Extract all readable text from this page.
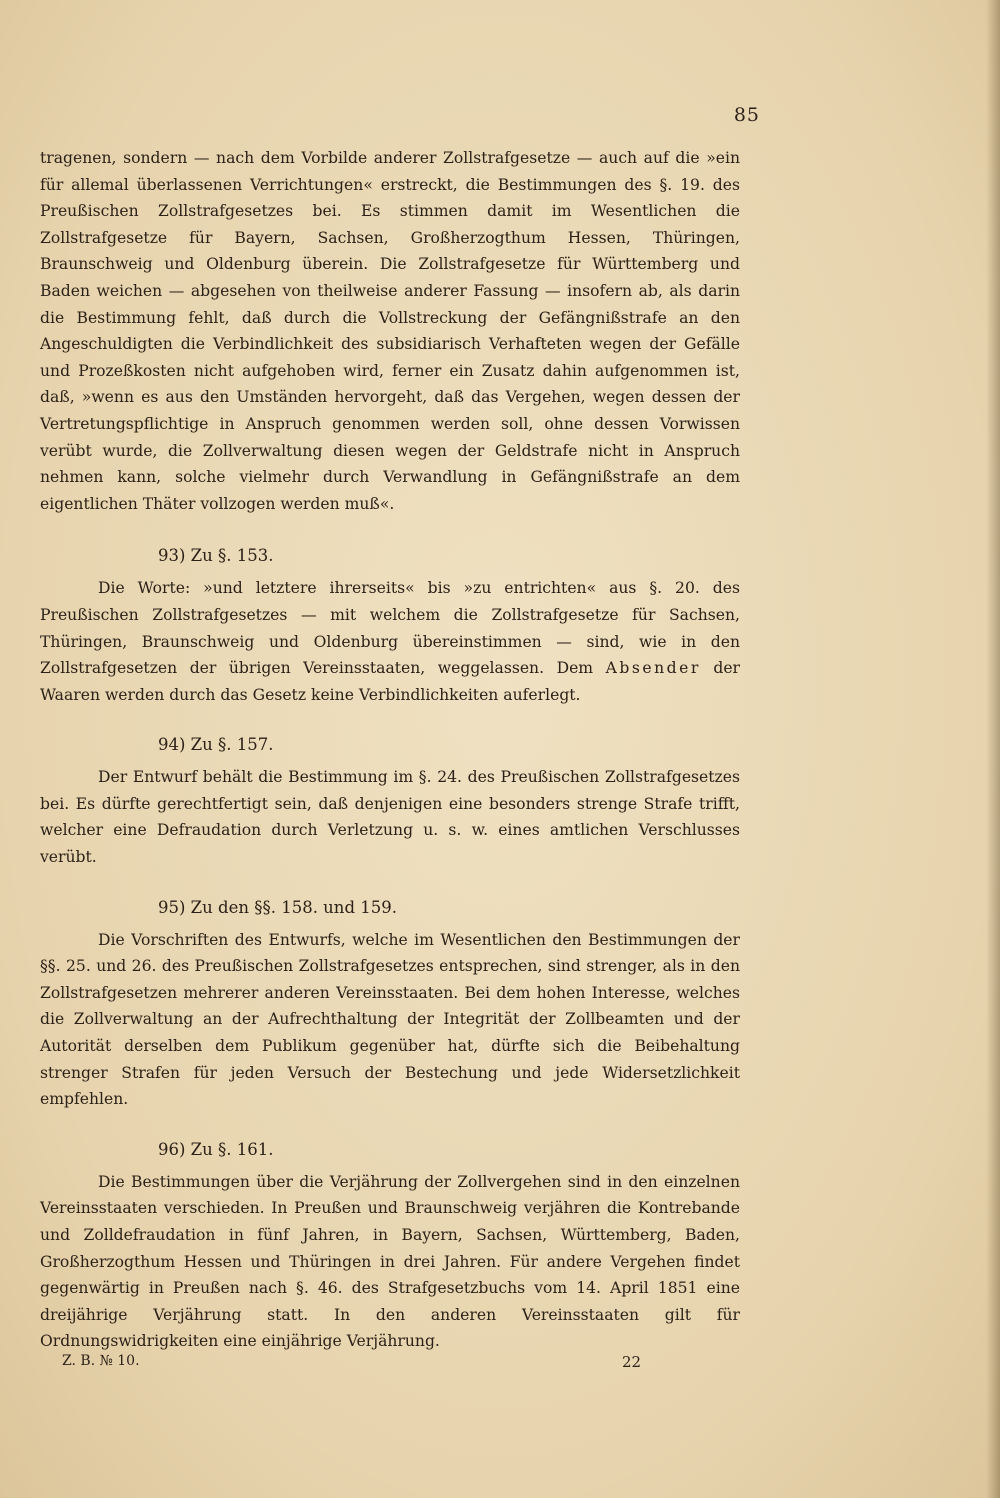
85

tragenen, sondern — nach dem Vorbilde anderer Zollstrafgesetze — auch auf die »ein für allemal überlassenen Verrichtungen« erstreckt, die Bestimmungen des §. 19. des Preußischen Zollstrafgesetzes bei. Es stimmen damit im Wesentlichen die Zollstrafgesetze für Bayern, Sachsen, Großherzogthum Hessen, Thüringen, Braunschweig und Oldenburg überein. Die Zollstrafgesetze für Württemberg und Baden weichen — abgesehen von theilweise anderer Fassung — insofern ab, als darin die Bestimmung fehlt, daß durch die Vollstreckung der Gefängnißstrafe an den Angeschuldigten die Verbindlichkeit des subsidiarisch Verhafteten wegen der Gefälle und Prozeßkosten nicht aufgehoben wird, ferner ein Zusatz dahin aufgenommen ist, daß, »wenn es aus den Umständen hervorgeht, daß das Vergehen, wegen dessen der Vertretungspflichtige in Anspruch genommen werden soll, ohne dessen Vorwissen verübt wurde, die Zollverwaltung diesen wegen der Geldstrafe nicht in Anspruch nehmen kann, solche vielmehr durch Verwandlung in Gefängnißstrafe an dem eigentlichen Thäter vollzogen werden muß«.

93) Zu §. 153.

Die Worte: »und letztere ihrerseits« bis »zu entrichten« aus §. 20. des Preußischen Zollstrafgesetzes — mit welchem die Zollstrafgesetze für Sachsen, Thüringen, Braunschweig und Oldenburg übereinstimmen — sind, wie in den Zollstrafgesetzen der übrigen Vereinsstaaten, weggelassen. Dem Absender der Waaren werden durch das Gesetz keine Verbindlichkeiten auferlegt.

94) Zu §. 157.

Der Entwurf behält die Bestimmung im §. 24. des Preußischen Zollstrafgesetzes bei. Es dürfte gerechtfertigt sein, daß denjenigen eine besonders strenge Strafe trifft, welcher eine Defraudation durch Verletzung u. s. w. eines amtlichen Verschlusses verübt.

95) Zu den §§. 158. und 159.

Die Vorschriften des Entwurfs, welche im Wesentlichen den Bestimmungen der §§. 25. und 26. des Preußischen Zollstrafgesetzes entsprechen, sind strenger, als in den Zollstrafgesetzen mehrerer anderen Vereinsstaaten. Bei dem hohen Interesse, welches die Zollverwaltung an der Aufrechthaltung der Integrität der Zollbeamten und der Autorität derselben dem Publikum gegenüber hat, dürfte sich die Beibehaltung strenger Strafen für jeden Versuch der Bestechung und jede Widersetzlichkeit empfehlen.

96) Zu §. 161.

Die Bestimmungen über die Verjährung der Zollvergehen sind in den einzelnen Vereinsstaaten verschieden. In Preußen und Braunschweig verjähren die Kontrebande und Zolldefraudation in fünf Jahren, in Bayern, Sachsen, Württemberg, Baden, Großherzogthum Hessen und Thüringen in drei Jahren. Für andere Vergehen findet gegenwärtig in Preußen nach §. 46. des Strafgesetzbuchs vom 14. April 1851 eine dreijährige Verjährung statt. In den anderen Vereinsstaaten gilt für Ordnungswidrigkeiten eine einjährige Verjährung.

Z. B. № 10.	22
